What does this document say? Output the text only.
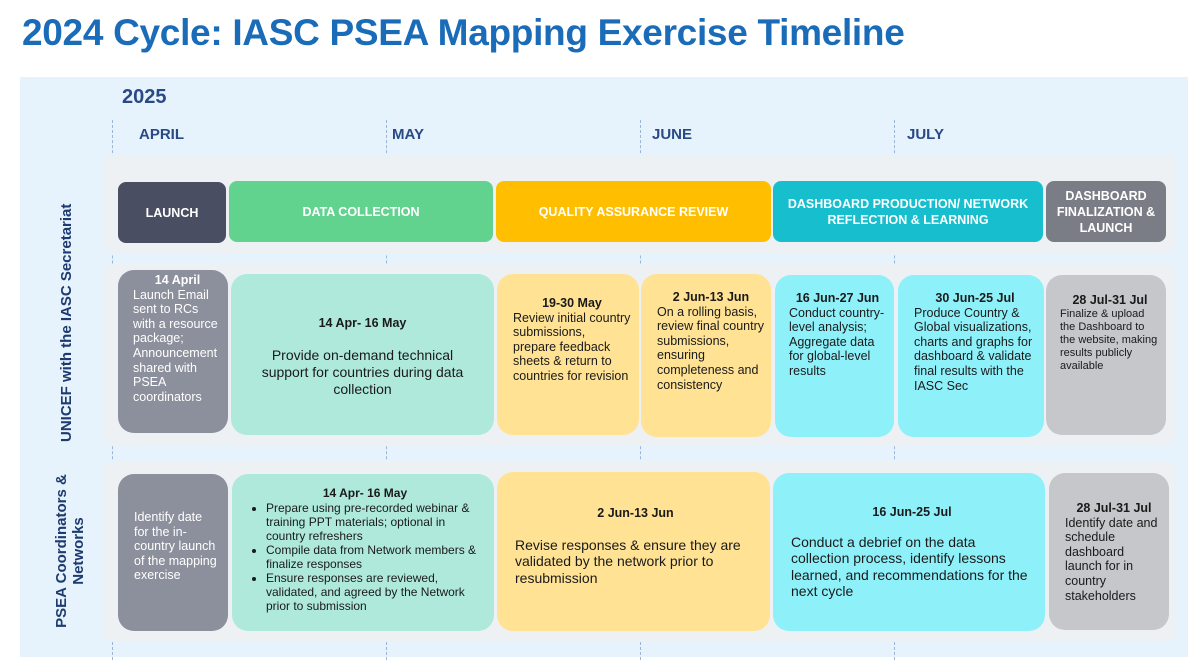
2024 Cycle: IASC PSEA Mapping Exercise Timeline
2025
APRIL	MAY	JUNE	JULY
LAUNCH	DATA COLLECTION	QUALITY ASSURANCE REVIEW
DASHBOARD PRODUCTION/ NETWORK REFLECTION & LEARNING
DASHBOARD FINALIZATION & LAUNCH
UNICEF with the IASC Secretariat
PSEA Coordinators & Networks
14 April
Launch Email sent to RCs with a resource package; Announcement shared with PSEA coordinators
14 Apr- 16 May
Provide on-demand technical support for countries during data collection
19-30 May
Review initial country submissions, prepare feedback sheets & return to countries for revision
2 Jun-13 Jun
On a rolling basis, review final country submissions, ensuring completeness and consistency
16 Jun-27 Jun
Conduct country-level analysis; Aggregate data for global-level results
30 Jun-25 Jul
Produce Country & Global visualizations, charts and graphs for dashboard & validate final results with the IASC Sec
28 Jul-31 Jul
Finalize & upload the Dashboard to the website, making results publicly available
Identify date for the in-country launch of the mapping exercise
14 Apr- 16 May
• Prepare using pre-recorded webinar & training PPT materials; optional in country refreshers
• Compile data from Network members & finalize responses
• Ensure responses are reviewed, validated, and agreed by the Network prior to submission
2 Jun-13 Jun
Revise responses & ensure they are validated by the network prior to resubmission
16 Jun-25 Jul
Conduct a debrief on the data collection process, identify lessons learned, and recommendations for the next cycle
28 Jul-31 Jul
Identify date and schedule dashboard launch for in country stakeholders
